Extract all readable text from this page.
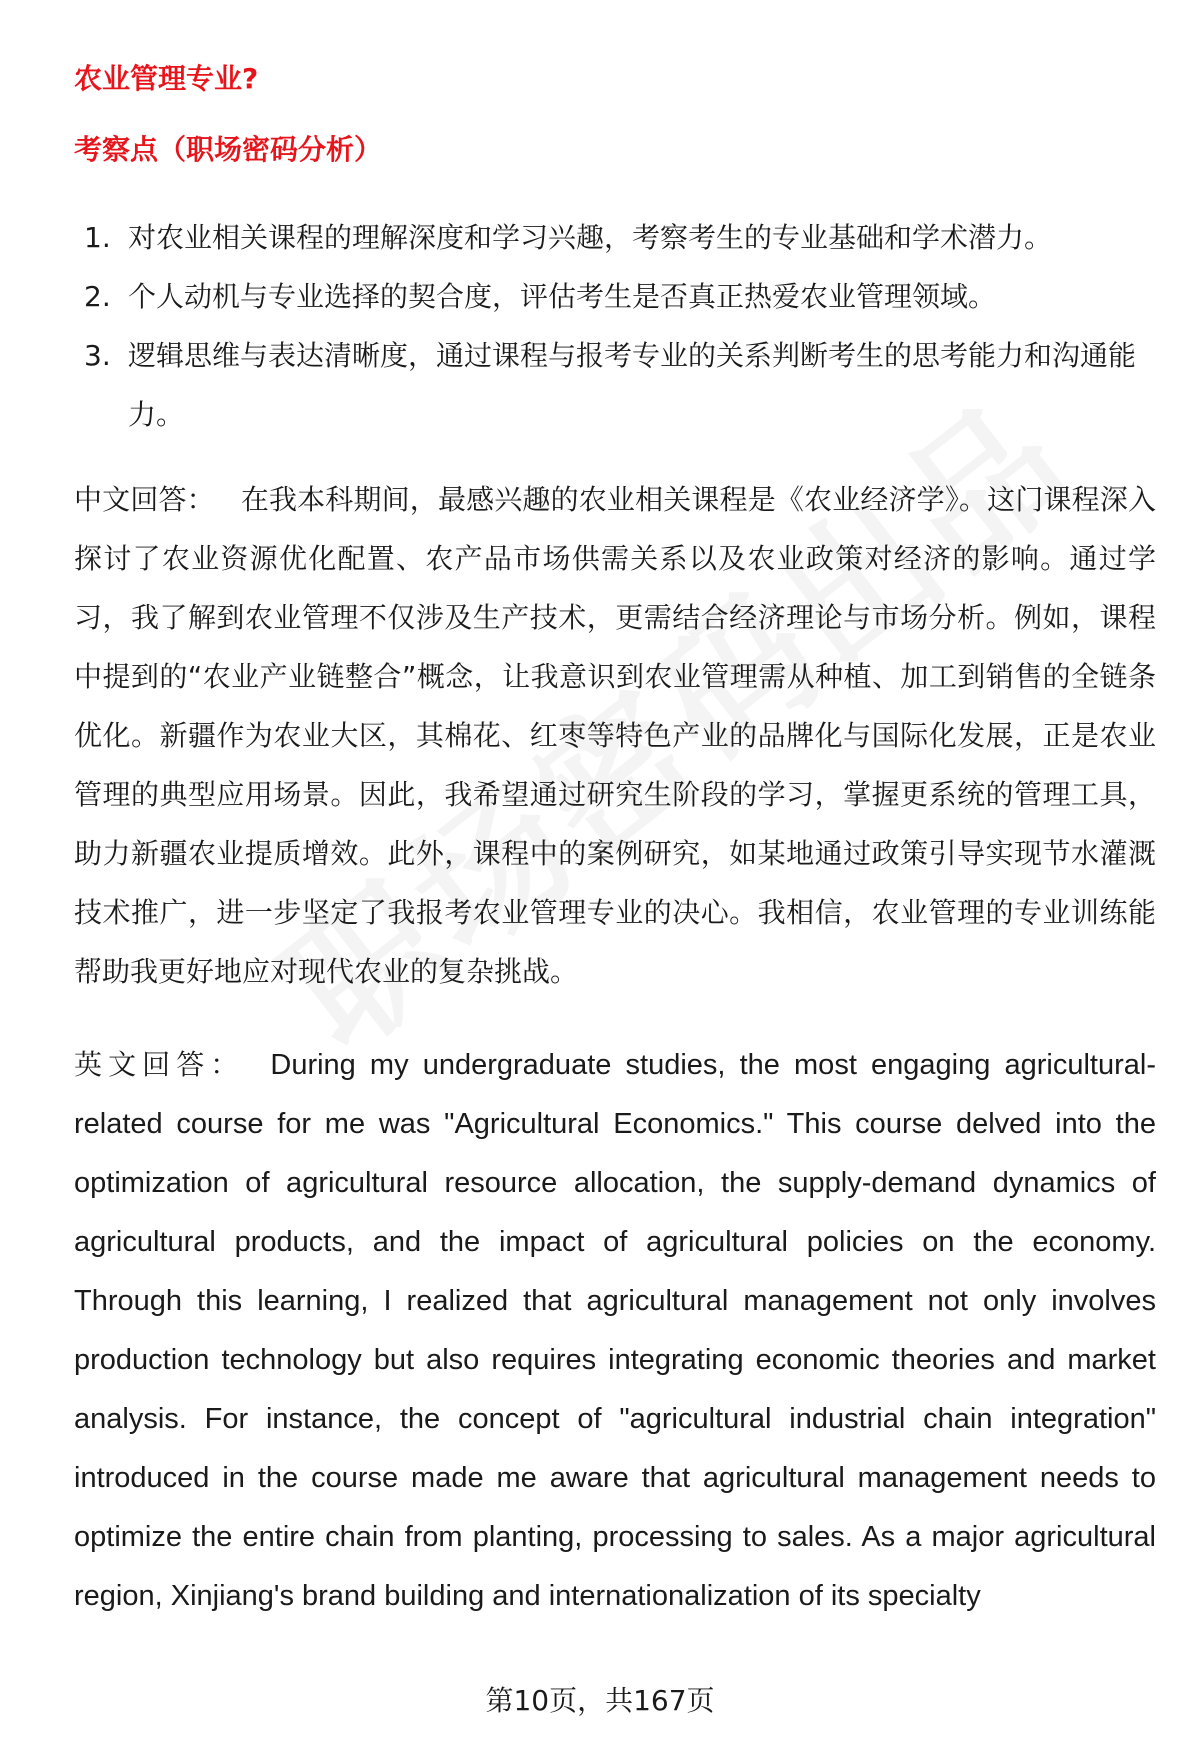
农业管理专业?
考察点（职场密码分析）
1. 对农业相关课程的理解深度和学习兴趣，考察考生的专业基础和学术潜力。
2. 个人动机与专业选择的契合度，评估考生是否真正热爱农业管理领域。
3. 逻辑思维与表达清晰度，通过课程与报考专业的关系判断考生的思考能力和沟通能力。

中文回答： 在我本科期间，最感兴趣的农业相关课程是《农业经济学》。这门课程深入探讨了农业资源优化配置、农产品市场供需关系以及农业政策对经济的影响。通过学习，我了解到农业管理不仅涉及生产技术，更需结合经济理论与市场分析。例如，课程中提到的“农业产业链整合”概念，让我意识到农业管理需从种植、加工到销售的全链条优化。新疆作为农业大区，其棉花、红枣等特色产业的品牌化与国际化发展，正是农业管理的典型应用场景。因此，我希望通过研究生阶段的学习，掌握更系统的管理工具，助力新疆农业提质增效。此外，课程中的案例研究，如某地通过政策引导实现节水灌溉技术推广，进一步坚定了我报考农业管理专业的决心。我相信，农业管理的专业训练能帮助我更好地应对现代农业的复杂挑战。

英文回答： During my undergraduate studies, the most engaging agricultural-related course for me was "Agricultural Economics." This course delved into the optimization of agricultural resource allocation, the supply-demand dynamics of agricultural products, and the impact of agricultural policies on the economy. Through this learning, I realized that agricultural management not only involves production technology but also requires integrating economic theories and market analysis. For instance, the concept of "agricultural industrial chain integration" introduced in the course made me aware that agricultural management needs to optimize the entire chain from planting, processing to sales. As a major agricultural region, Xinjiang's brand building and internationalization of its specialty

第10页，共167页
